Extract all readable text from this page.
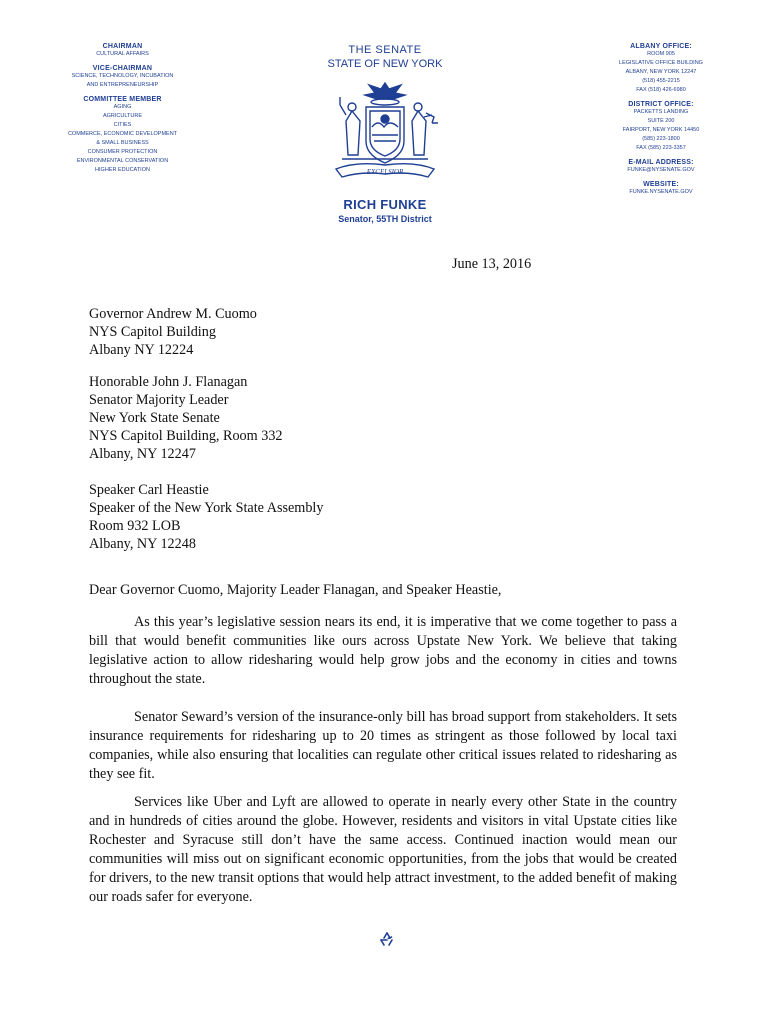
CHAIRMAN
CULTURAL AFFAIRS
VICE-CHAIRMAN
SCIENCE, TECHNOLOGY, INCUBATION
AND ENTREPRENEURSHIP
COMMITTEE MEMBER
AGING
AGRICULTURE
CITIES
COMMERCE, ECONOMIC DEVELOPMENT
& SMALL BUSINESS
CONSUMER PROTECTION
ENVIRONMENTAL CONSERVATION
HIGHER EDUCATION
THE SENATE
STATE OF NEW YORK
EXCELSIOR
RICH FUNKE
Senator, 55TH District
ALBANY OFFICE:
ROOM 905
LEGISLATIVE OFFICE BUILDING
ALBANY, NEW YORK 12247
(518) 455-2215
FAX (518) 426-6980
DISTRICT OFFICE:
PACKETTS LANDING
SUITE 200
FAIRPORT, NEW YORK 14450
(585) 223-1800
FAX (585) 223-3357
E-MAIL ADDRESS:
FUNKE@NYSENATE.GOV
WEBSITE:
FUNKE.NYSENATE.GOV
June 13, 2016
Governor Andrew M. Cuomo
NYS Capitol Building
Albany NY 12224
Honorable John J. Flanagan
Senator Majority Leader
New York State Senate
NYS Capitol Building, Room 332
Albany, NY 12247
Speaker Carl Heastie
Speaker of the New York State Assembly
Room 932 LOB
Albany, NY 12248
Dear Governor Cuomo, Majority Leader Flanagan, and Speaker Heastie,

As this year’s legislative session nears its end, it is imperative that we come together to pass a bill that would benefit communities like ours across Upstate New York. We believe that taking legislative action to allow ridesharing would help grow jobs and the economy in cities and towns throughout the state.

Senator Seward’s version of the insurance-only bill has broad support from stakeholders. It sets insurance requirements for ridesharing up to 20 times as stringent as those followed by local taxi companies, while also ensuring that localities can regulate other critical issues related to ridesharing as they see fit.

Services like Uber and Lyft are allowed to operate in nearly every other State in the country and in hundreds of cities around the globe. However, residents and visitors in vital Upstate cities like Rochester and Syracuse still don’t have the same access. Continued inaction would mean our communities will miss out on significant economic opportunities, from the jobs that would be created for drivers, to the new transit options that would help attract investment, to the added benefit of making our roads safer for everyone.
